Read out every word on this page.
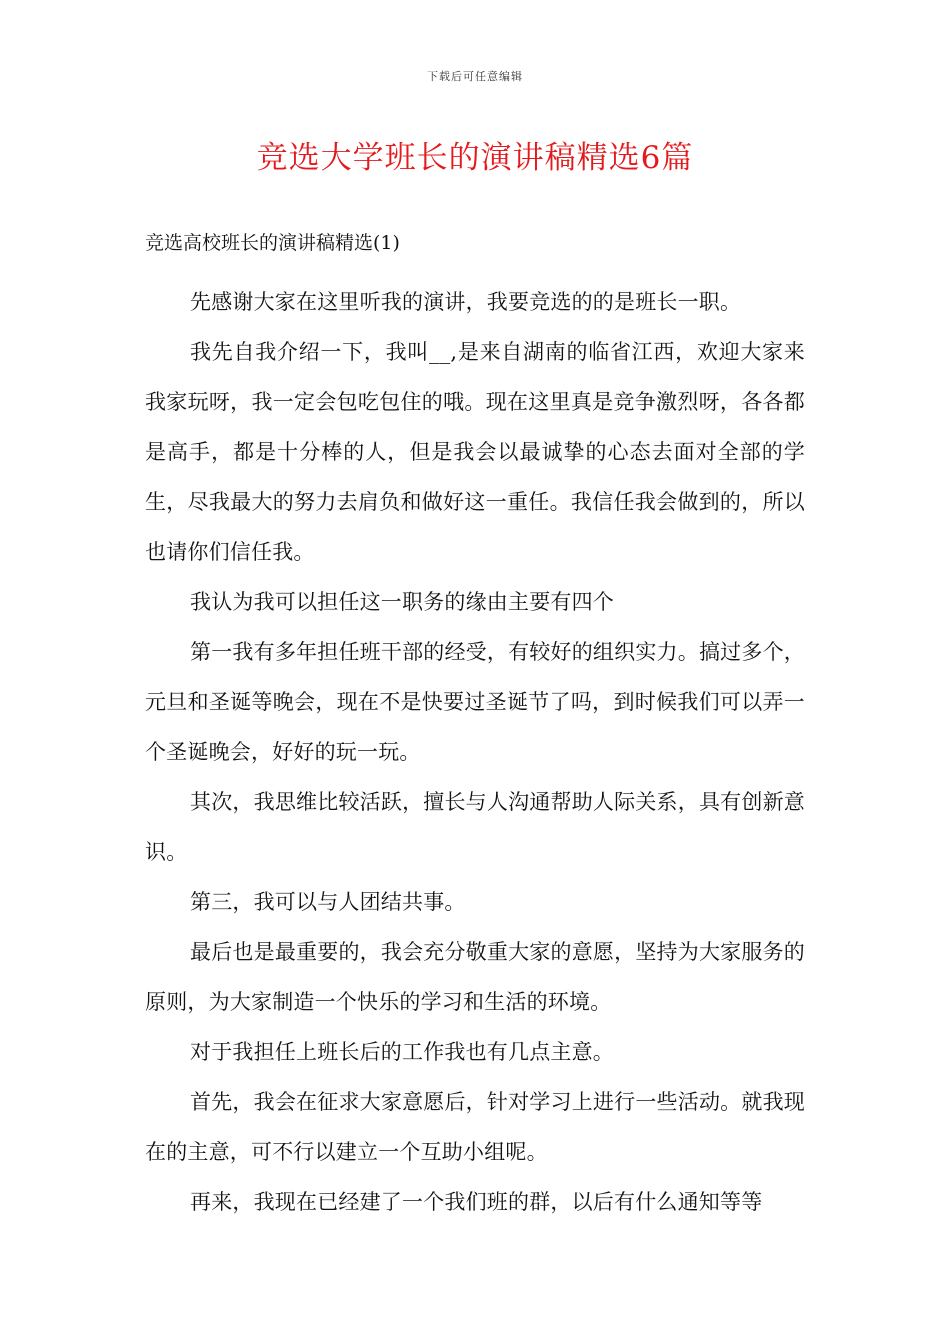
下载后可任意编辑
竞选大学班长的演讲稿精选6篇

竞选高校班长的演讲稿精选(1)

先感谢大家在这里听我的演讲，我要竞选的的是班长一职。

我先自我介绍一下，我叫__,是来自湖南的临省江西，欢迎大家来我家玩呀，我一定会包吃包住的哦。现在这里真是竞争激烈呀，各各都是高手，都是十分棒的人，但是我会以最诚挚的心态去面对全部的学生，尽我最大的努力去肩负和做好这一重任。我信任我会做到的，所以也请你们信任我。

我认为我可以担任这一职务的缘由主要有四个

第一我有多年担任班干部的经受，有较好的组织实力。搞过多个，元旦和圣诞等晚会，现在不是快要过圣诞节了吗，到时候我们可以弄一个圣诞晚会，好好的玩一玩。

其次，我思维比较活跃，擅长与人沟通帮助人际关系，具有创新意识。

第三，我可以与人团结共事。

最后也是最重要的，我会充分敬重大家的意愿，坚持为大家服务的原则，为大家制造一个快乐的学习和生活的环境。

对于我担任上班长后的工作我也有几点主意。

首先，我会在征求大家意愿后，针对学习上进行一些活动。就我现在的主意，可不行以建立一个互助小组呢。

再来，我现在已经建了一个我们班的群，以后有什么通知等等
